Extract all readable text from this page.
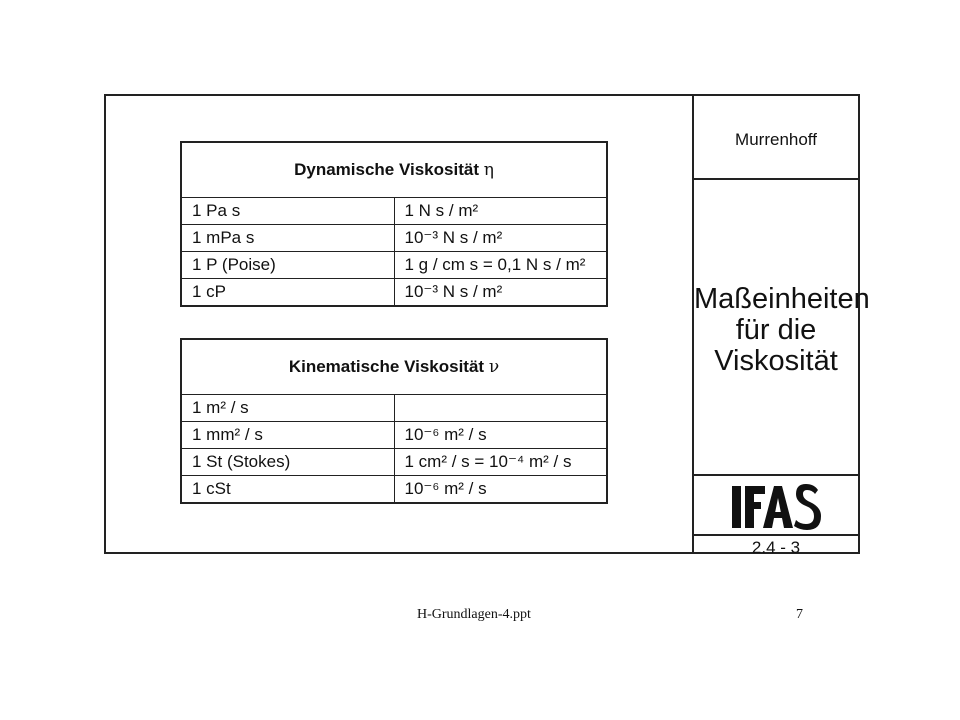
Murrenhoff
Maßeinheiten
für die
Viskosität
2.4 - 3
Dynamische Viskosität η	
1 Pa s	1 N s / m²
1 mPa s	10⁻³ N s / m²
1 P (Poise)	1 g / cm s = 0,1 N s / m²
1 cP	10⁻³ N s / m²
Kinematische Viskosität ν	
1 m² / s	
1 mm² / s	10⁻⁶ m² / s
1 St (Stokes)	1 cm² / s = 10⁻⁴ m² / s
1 cSt	10⁻⁶ m² / s
H-Grundlagen-4.ppt	7
